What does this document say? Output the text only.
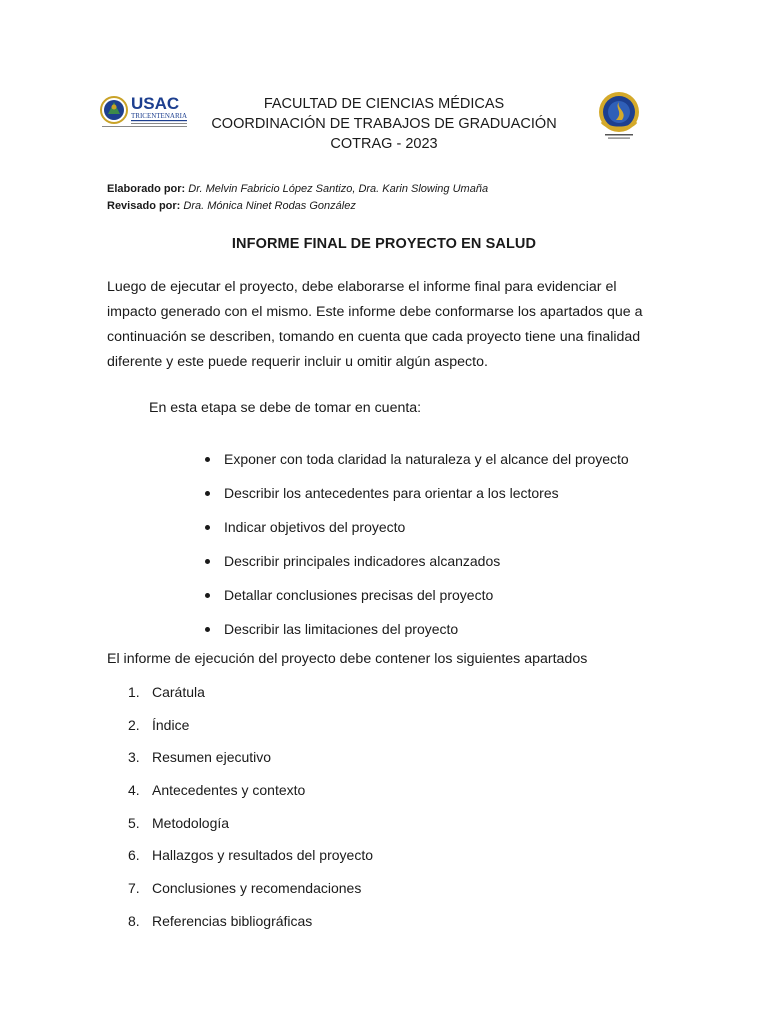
USAC
TRICENTENARIA
FACULTAD DE CIENCIAS MÉDICAS
COORDINACIÓN DE TRABAJOS DE GRADUACIÓN
COTRAG - 2023
Elaborado por: Dr. Melvin Fabricio López Santizo, Dra. Karin Slowing Umaña
Revisado por: Dra. Mónica Ninet Rodas González
INFORME FINAL DE PROYECTO EN SALUD

Luego de ejecutar el proyecto, debe elaborarse el informe final para evidenciar el impacto generado con el mismo. Este informe debe conformarse los apartados que a continuación se describen, tomando en cuenta que cada proyecto tiene una finalidad diferente y este puede requerir incluir u omitir algún aspecto.

En esta etapa se debe de tomar en cuenta:

Exponer con toda claridad la naturaleza y el alcance del proyecto
Describir los antecedentes para orientar a los lectores
Indicar objetivos del proyecto
Describir principales indicadores alcanzados
Detallar conclusiones precisas del proyecto
Describir las limitaciones del proyecto

El informe de ejecución del proyecto debe contener los siguientes apartados

1. Carátula
2. Índice
3. Resumen ejecutivo
4. Antecedentes y contexto
5. Metodología
6. Hallazgos y resultados del proyecto
7. Conclusiones y recomendaciones
8. Referencias bibliográficas
